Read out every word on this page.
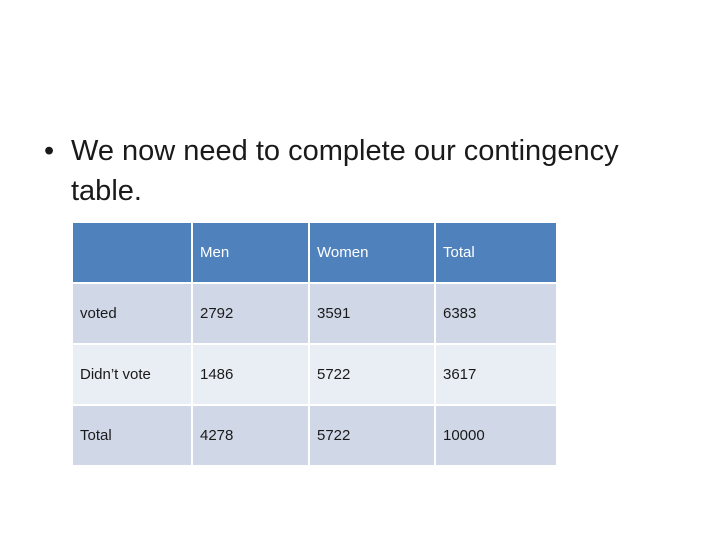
• We now need to complete our contingency
table.
	Men	Women	Total
voted	2792	3591	6383
Didn’t vote	1486	5722	3617
Total	4278	5722	10000
